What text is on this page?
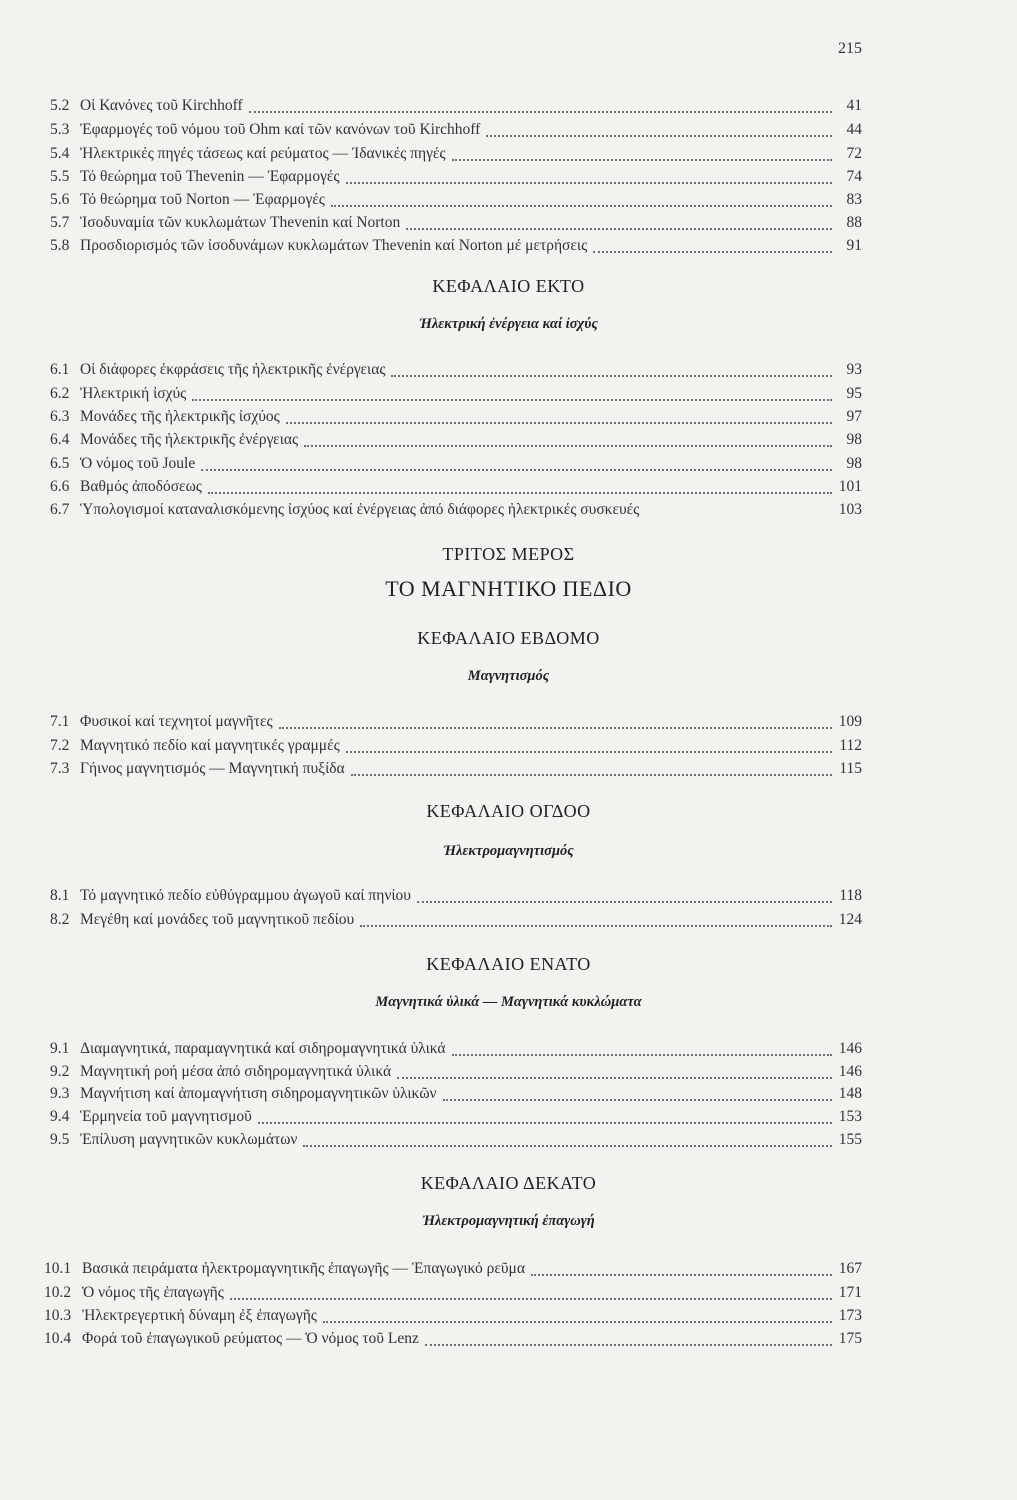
215
5.2 Οἱ Κανόνες τοῦ Kirchhoff	41
5.3 Ἐφαρμογές τοῦ νόμου τοῦ Ohm καί τῶν κανόνων τοῦ Kirchhoff	44
5.4 Ἠλεκτρικές πηγές τάσεως καί ρεύματος — Ἰδανικές πηγές	72
5.5 Τό θεώρημα τοῦ Thevenin — Ἐφαρμογές	74
5.6 Τό θεώρημα τοῦ Norton — Ἐφαρμογές	83
5.7 Ἰσοδυναμία τῶν κυκλωμάτων Thevenin καί Norton	88
5.8 Προσδιορισμός τῶν ἰσοδυνάμων κυκλωμάτων Thevenin καί Norton μέ μετρήσεις	91
ΚΕΦΑΛΑΙΟ ΕΚΤΟ
Ἠλεκτρική ἐνέργεια καί ἰσχύς
6.1 Οἱ διάφορες ἐκφράσεις τῆς ἠλεκτρικῆς ἐνέργειας	93
6.2 Ἠλεκτρική ἰσχύς	95
6.3 Μονάδες τῆς ἠλεκτρικῆς ἰσχύος	97
6.4 Μονάδες τῆς ἠλεκτρικῆς ἐνέργειας	98
6.5 Ὁ νόμος τοῦ Joule	98
6.6 Βαθμός ἀποδόσεως	101
6.7 Ὑπολογισμοί καταναλισκόμενης ἰσχύος καί ἐνέργειας ἀπό διάφορες ἠλεκτρικές συσκευές	103
ΤΡΙΤΟΣ ΜΕΡΟΣ
ΤΟ ΜΑΓΝΗΤΙΚΟ ΠΕΔΙΟ
ΚΕΦΑΛΑΙΟ ΕΒΔΟΜΟ
Μαγνητισμός
7.1 Φυσικοί καί τεχνητοί μαγνῆτες	109
7.2 Μαγνητικό πεδίο καί μαγνητικές γραμμές	112
7.3 Γήινος μαγνητισμός — Μαγνητική πυξίδα	115
ΚΕΦΑΛΑΙΟ ΟΓΔΟΟ
Ἠλεκτρομαγνητισμός
8.1 Τό μαγνητικό πεδίο εὐθύγραμμου ἀγωγοῦ καί πηνίου	118
8.2 Μεγέθη καί μονάδες τοῦ μαγνητικοῦ πεδίου	124
ΚΕΦΑΛΑΙΟ ΕΝΑΤΟ
Μαγνητικά ὑλικά — Μαγνητικά κυκλώματα
9.1 Διαμαγνητικά, παραμαγνητικά καί σιδηρομαγνητικά ὑλικά	146
9.2 Μαγνητική ροή μέσα ἀπό σιδηρομαγνητικά ὑλικά	146
9.3 Μαγνήτιση καί ἀπομαγνήτιση σιδηρομαγνητικῶν ὑλικῶν	148
9.4 Ἑρμηνεία τοῦ μαγνητισμοῦ	153
9.5 Ἐπίλυση μαγνητικῶν κυκλωμάτων	155
ΚΕΦΑΛΑΙΟ ΔΕΚΑΤΟ
Ἠλεκτρομαγνητική ἐπαγωγή
10.1 Βασικά πειράματα ἠλεκτρομαγνητικῆς ἐπαγωγῆς — Ἐπαγωγικό ρεῦμα	167
10.2 Ὁ νόμος τῆς ἐπαγωγῆς	171
10.3 Ἠλεκτρεγερτική δύναμη ἐξ ἐπαγωγῆς	173
10.4 Φορά τοῦ ἐπαγωγικοῦ ρεύματος — Ὁ νόμος τοῦ Lenz	175
